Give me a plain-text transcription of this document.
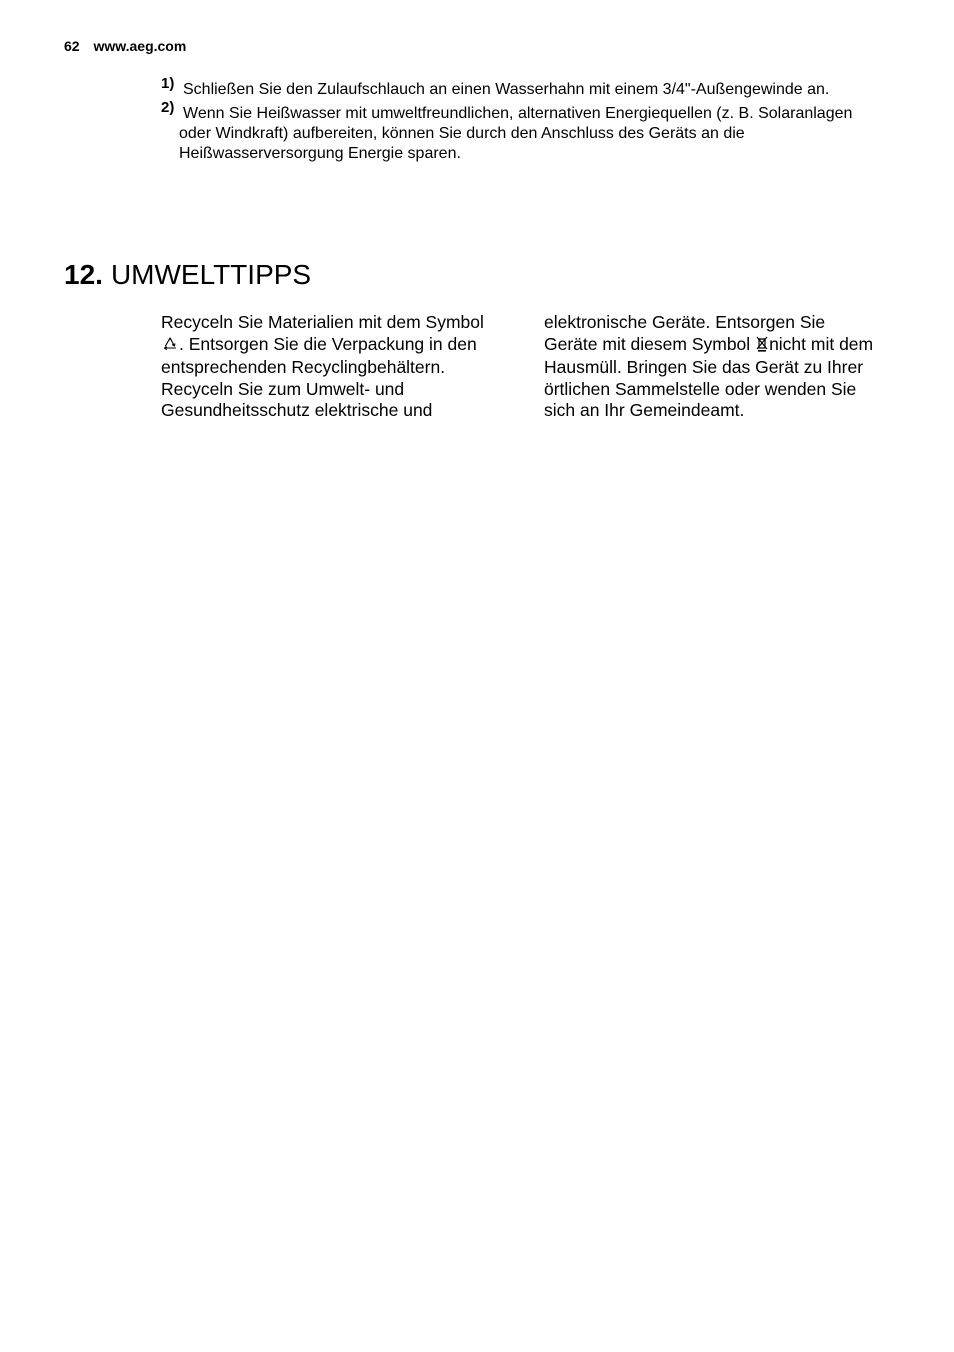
62 www.aeg.com
1) Schließen Sie den Zulaufschlauch an einen Wasserhahn mit einem 3/4"-Außengewinde an.
2) Wenn Sie Heißwasser mit umweltfreundlichen, alternativen Energiequellen (z. B. Solaranlagen oder Windkraft) aufbereiten, können Sie durch den Anschluss des Geräts an die Heißwasserversorgung Energie sparen.
12. UMWELTTIPPS

Recyceln Sie Materialien mit dem Symbol . Entsorgen Sie die Verpackung in den entsprechenden Recyclingbehältern.

Recyceln Sie zum Umwelt- und Gesundheitsschutz elektrische und

elektronische Geräte. Entsorgen Sie Geräte mit diesem Symbol nicht mit dem Hausmüll. Bringen Sie das Gerät zu Ihrer örtlichen Sammelstelle oder wenden Sie sich an Ihr Gemeindeamt.
